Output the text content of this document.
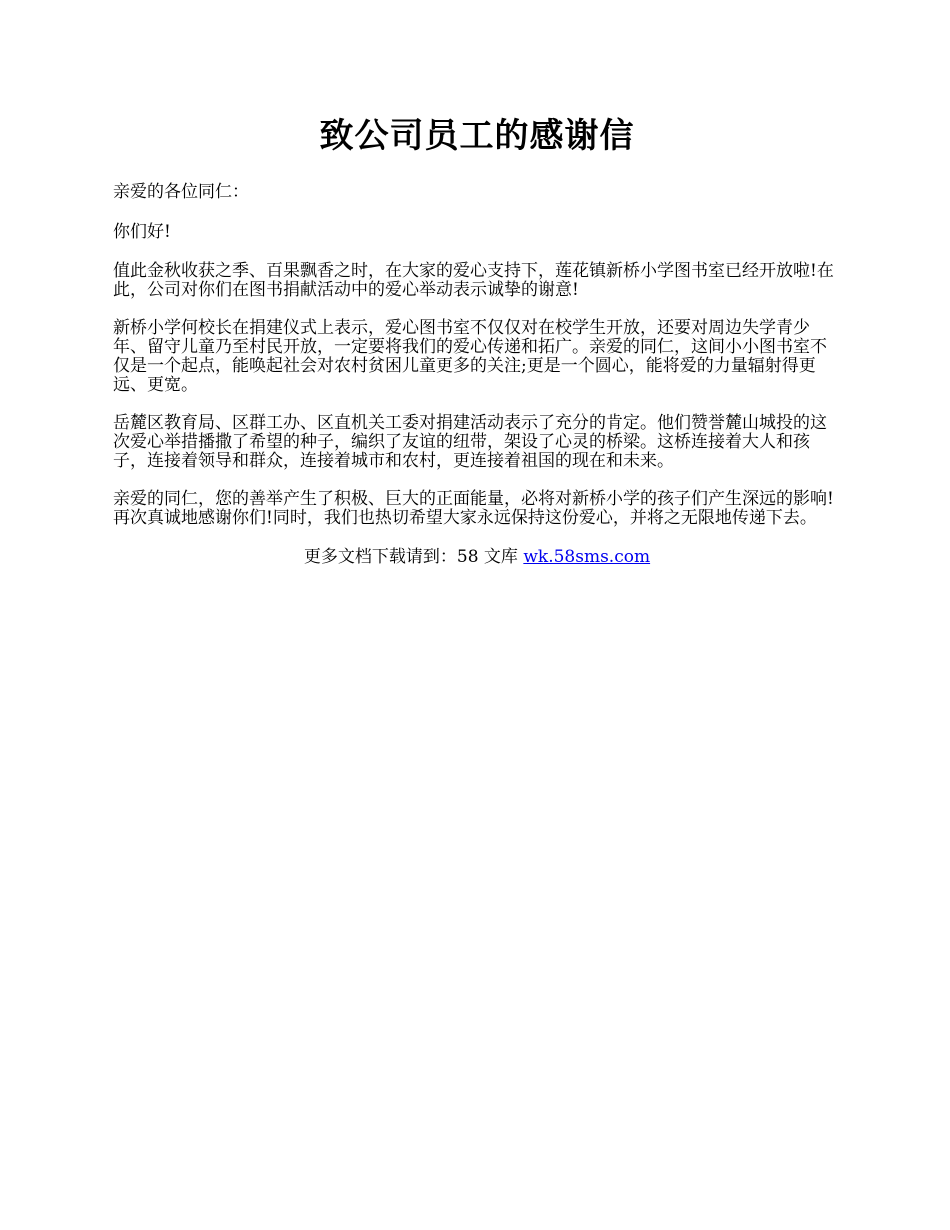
致公司员工的感谢信

亲爱的各位同仁：

你们好!

值此金秋收获之季、百果飘香之时，在大家的爱心支持下，莲花镇新桥小学图书室已经开放啦!在此，公司对你们在图书捐献活动中的爱心举动表示诚挚的谢意!

新桥小学何校长在捐建仪式上表示，爱心图书室不仅仅对在校学生开放，还要对周边失学青少年、留守儿童乃至村民开放，一定要将我们的爱心传递和拓广。亲爱的同仁，这间小小图书室不仅是一个起点，能唤起社会对农村贫困儿童更多的关注;更是一个圆心，能将爱的力量辐射得更远、更宽。

岳麓区教育局、区群工办、区直机关工委对捐建活动表示了充分的肯定。他们赞誉麓山城投的这次爱心举措播撒了希望的种子，编织了友谊的纽带，架设了心灵的桥梁。这桥连接着大人和孩子，连接着领导和群众，连接着城市和农村，更连接着祖国的现在和未来。

亲爱的同仁，您的善举产生了积极、巨大的正面能量，必将对新桥小学的孩子们产生深远的影响!再次真诚地感谢你们!同时，我们也热切希望大家永远保持这份爱心，并将之无限地传递下去。

更多文档下载请到：58 文库 wk.58sms.com
